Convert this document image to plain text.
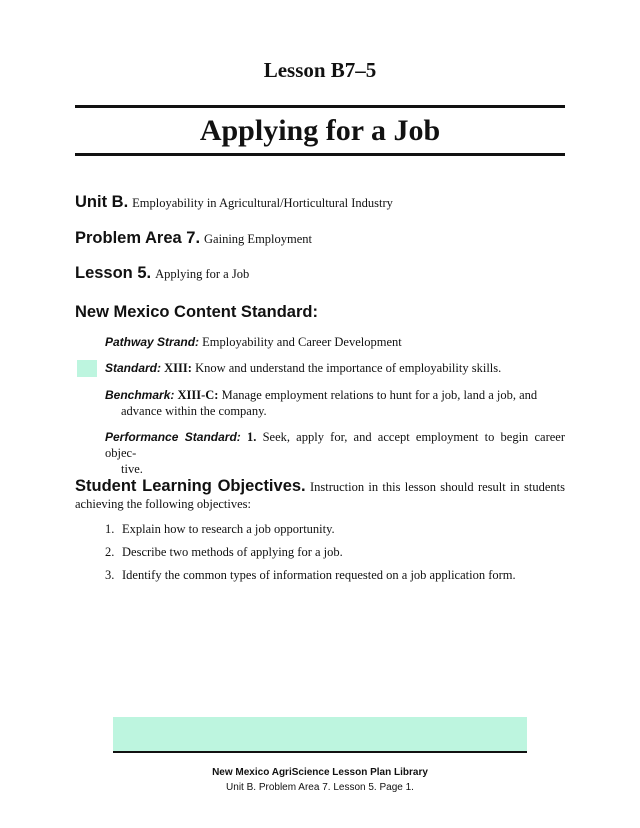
Lesson B7–5
Applying for a Job
Unit B. Employability in Agricultural/Horticultural Industry
Problem Area 7. Gaining Employment
Lesson 5. Applying for a Job
New Mexico Content Standard:
Pathway Strand: Employability and Career Development
Standard: XIII: Know and understand the importance of employability skills.
Benchmark: XIII-C: Manage employment relations to hunt for a job, land a job, and
advance within the company.
Performance Standard: 1. Seek, apply for, and accept employment to begin career objec-
tive.
Student Learning Objectives. Instruction in this lesson should result in students achieving the following objectives:
1. Explain how to research a job opportunity.
2. Describe two methods of applying for a job.
3. Identify the common types of information requested on a job application form.
New Mexico AgriScience Lesson Plan Library
Unit B. Problem Area 7. Lesson 5. Page 1.
